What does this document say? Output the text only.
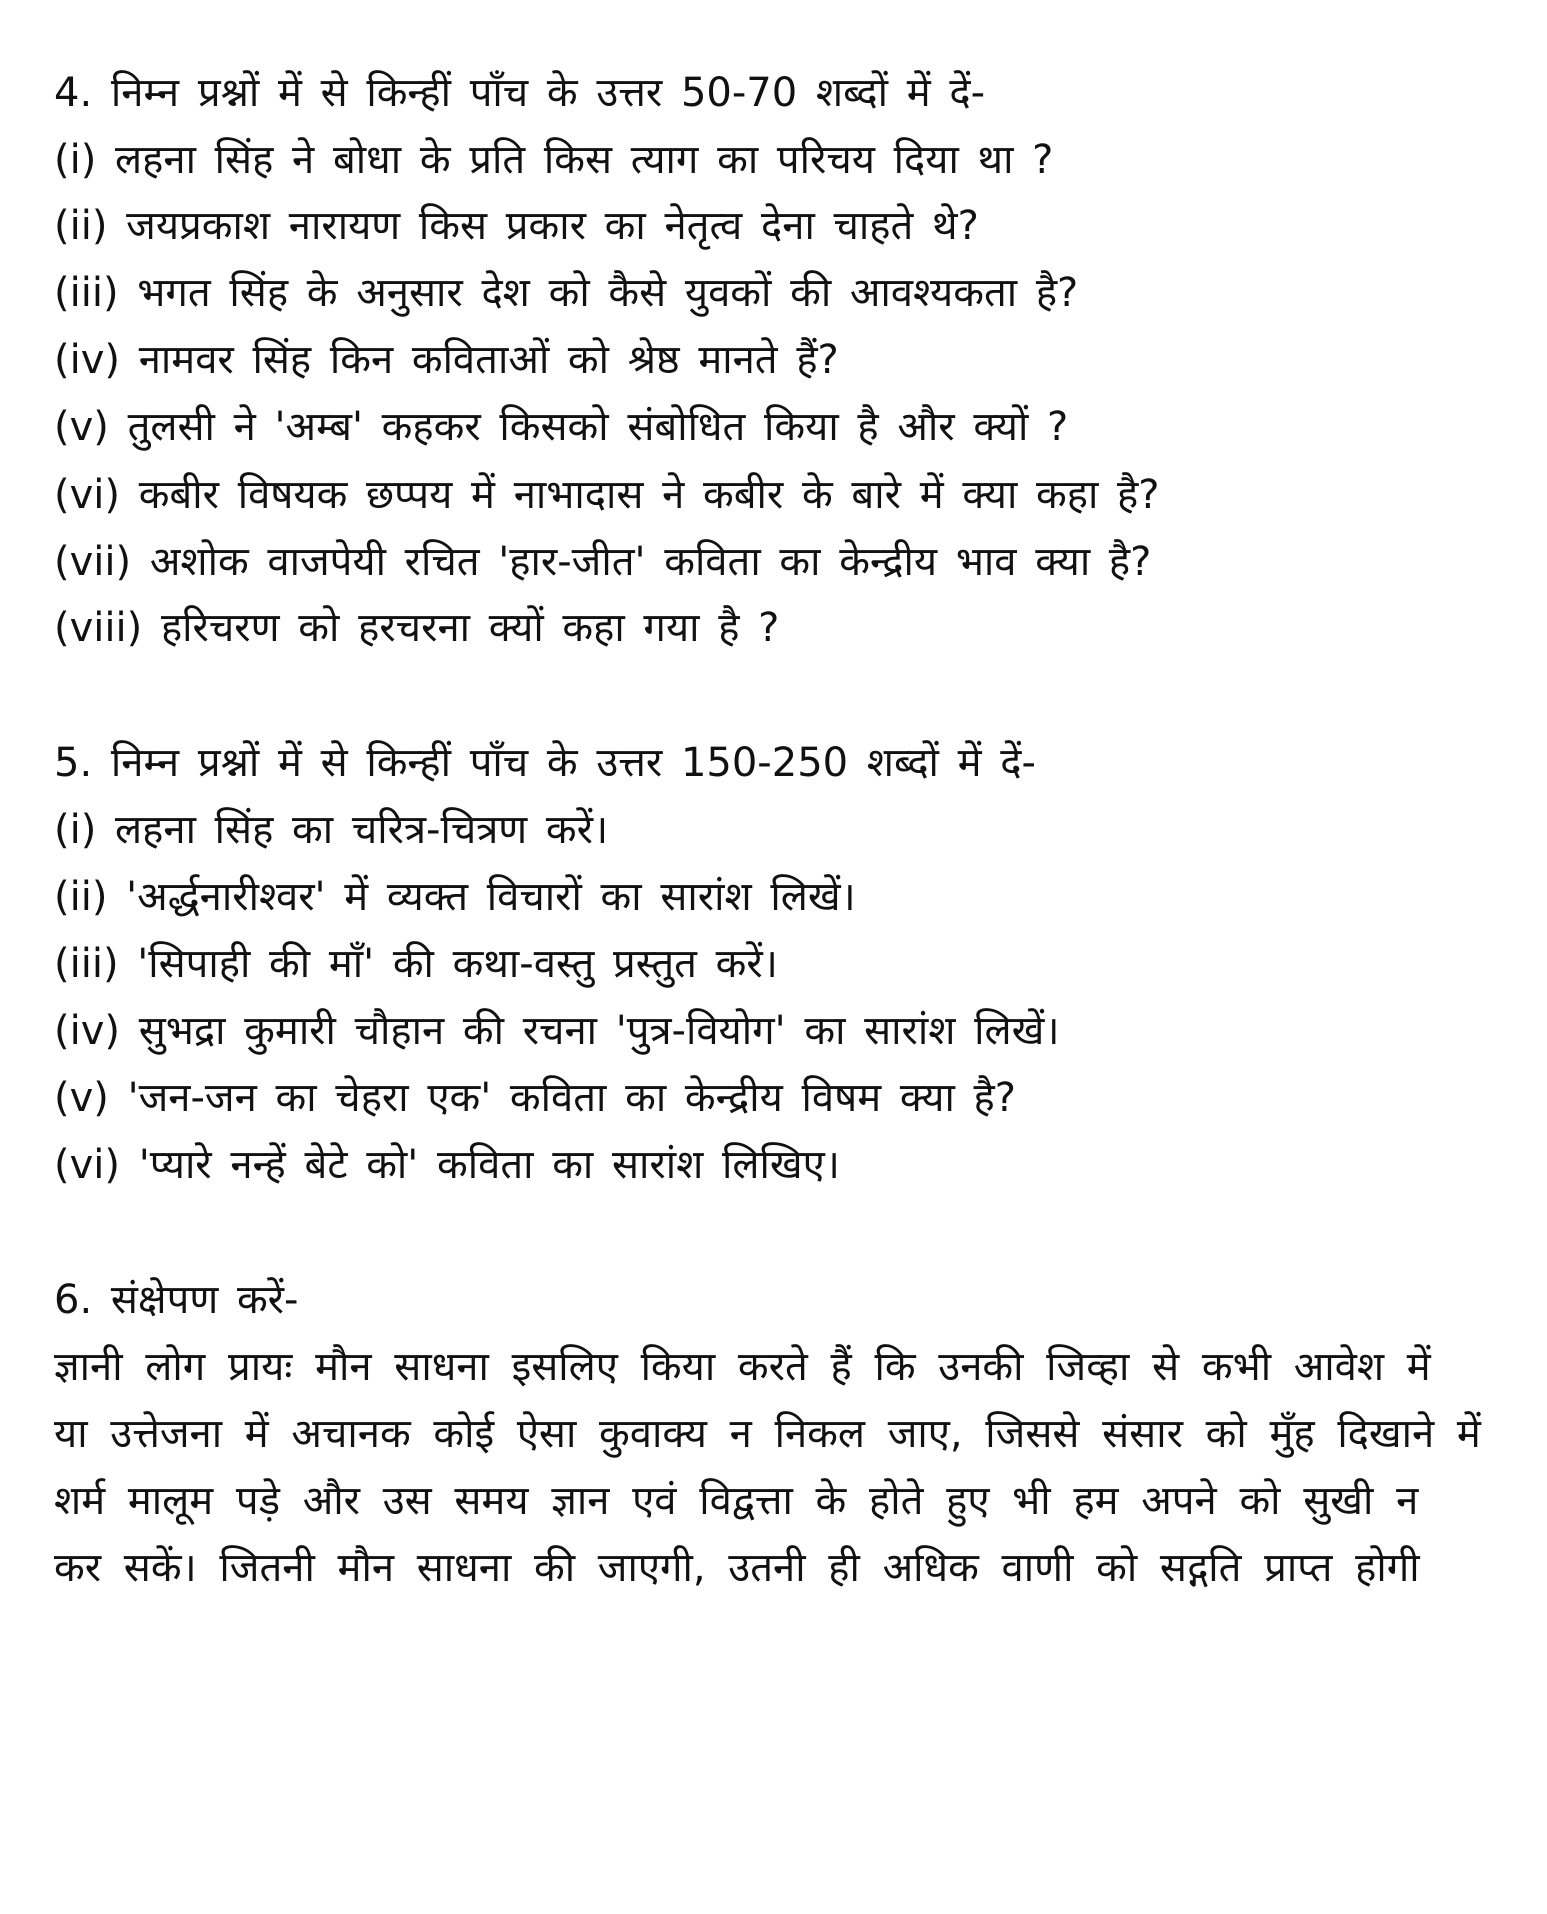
4. निम्न प्रश्नों में से किन्हीं पाँच के उत्तर 50-70 शब्दों में दें-
(i) लहना सिंह ने बोधा के प्रति किस त्याग का परिचय दिया था ?
(ii) जयप्रकाश नारायण किस प्रकार का नेतृत्व देना चाहते थे?
(iii) भगत सिंह के अनुसार देश को कैसे युवकों की आवश्यकता है?
(iv) नामवर सिंह किन कविताओं को श्रेष्ठ मानते हैं?
(v) तुलसी ने 'अम्ब' कहकर किसको संबोधित किया है और क्यों ?
(vi) कबीर विषयक छप्पय में नाभादास ने कबीर के बारे में क्या कहा है?
(vii) अशोक वाजपेयी रचित 'हार-जीत' कविता का केन्द्रीय भाव क्या है?
(viii) हरिचरण को हरचरना क्यों कहा गया है ?
5. निम्न प्रश्नों में से किन्हीं पाँच के उत्तर 150-250 शब्दों में दें-
(i) लहना सिंह का चरित्र-चित्रण करें।
(ii) 'अर्द्धनारीश्वर' में व्यक्त विचारों का सारांश लिखें।
(iii) 'सिपाही की माँ' की कथा-वस्तु प्रस्तुत करें।
(iv) सुभद्रा कुमारी चौहान की रचना 'पुत्र-वियोग' का सारांश लिखें।
(v) 'जन-जन का चेहरा एक' कविता का केन्द्रीय विषम क्या है?
(vi) 'प्यारे नन्हें बेटे को' कविता का सारांश लिखिए।
6. संक्षेपण करें-
ज्ञानी लोग प्रायः मौन साधना इसलिए किया करते हैं कि उनकी जिव्हा से कभी आवेश में
या उत्तेजना में अचानक कोई ऐसा कुवाक्य न निकल जाए, जिससे संसार को मुँह दिखाने में
शर्म मालूम पड़े और उस समय ज्ञान एवं विद्वत्ता के होते हुए भी हम अपने को सुखी न
कर सकें। जितनी मौन साधना की जाएगी, उतनी ही अधिक वाणी को सद्गति प्राप्त होगी
